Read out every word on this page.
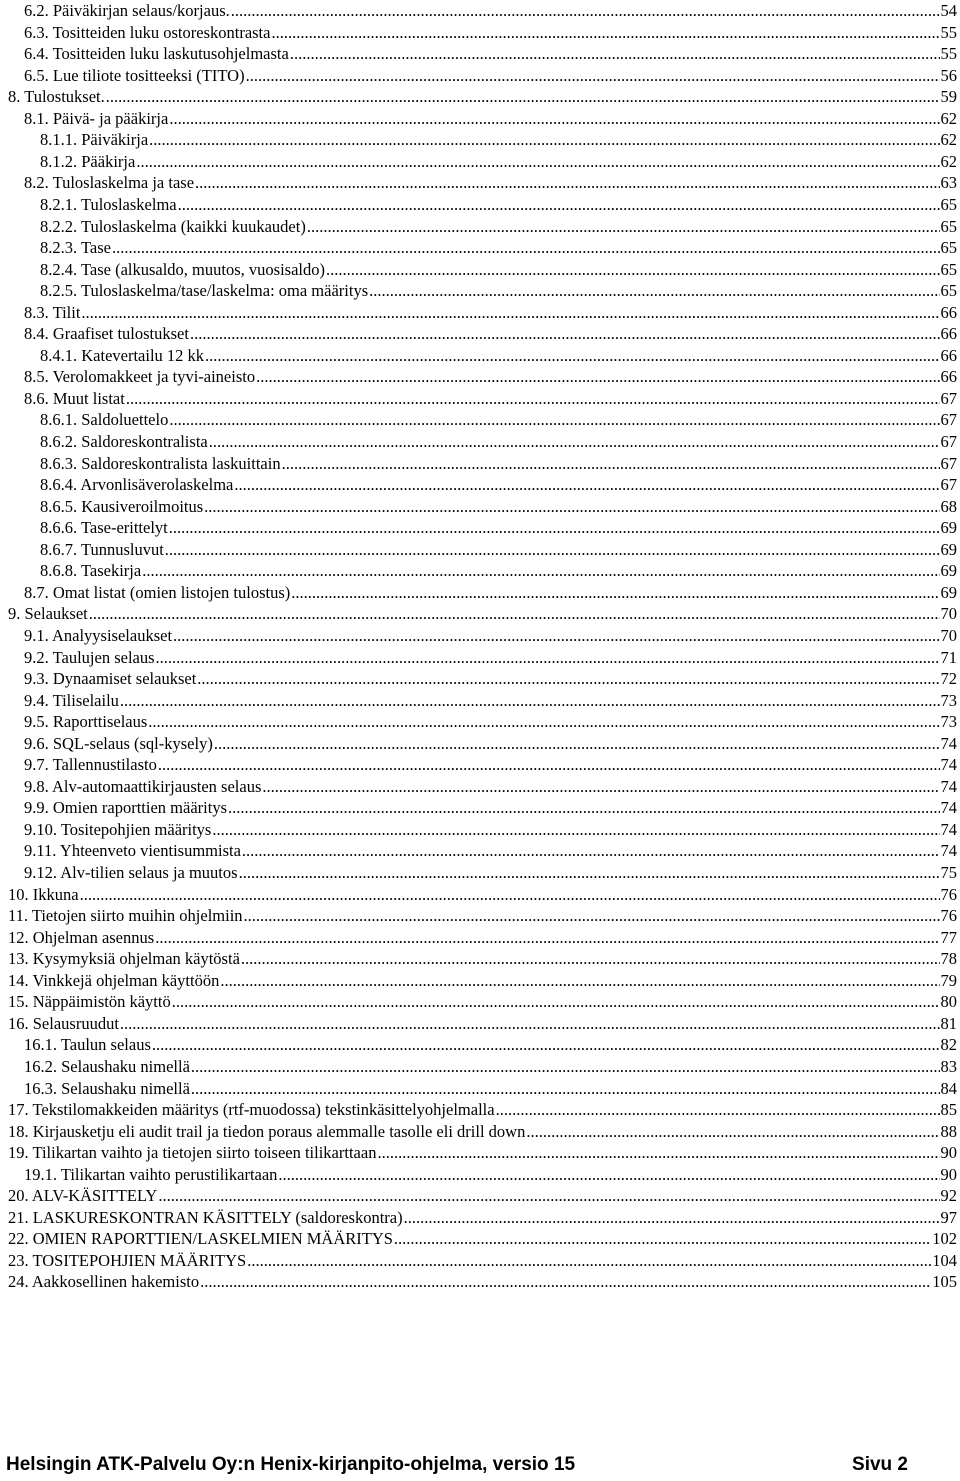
6.2. Päiväkirjan selaus/korjaus. .....	54
6.3. Tositteiden luku ostoreskontrasta .....	55
6.4. Tositteiden luku laskutusohjelmasta .....	55
6.5. Lue tiliote tositteeksi (TITO) .....	56
8. Tulostukset. .....	59
8.1. Päivä- ja pääkirja .....	62
8.1.1. Päiväkirja .....	62
8.1.2. Pääkirja .....	62
8.2. Tuloslaskelma ja tase .....	63
8.2.1. Tuloslaskelma .....	65
8.2.2. Tuloslaskelma (kaikki kuukaudet) .....	65
8.2.3. Tase .....	65
8.2.4. Tase (alkusaldo, muutos, vuosisaldo) .....	65
8.2.5. Tuloslaskelma/tase/laskelma: oma määritys .....	65
8.3. Tilit .....	66
8.4. Graafiset tulostukset .....	66
8.4.1. Katevertailu 12 kk .....	66
8.5. Verolomakkeet ja tyvi-aineisto .....	66
8.6. Muut listat .....	67
8.6.1. Saldoluettelo .....	67
8.6.2. Saldoreskontralista .....	67
8.6.3. Saldoreskontralista laskuittain .....	67
8.6.4. Arvonlisäverolaskelma .....	67
8.6.5. Kausiveroilmoitus .....	68
8.6.6. Tase-erittelyt .....	69
8.6.7. Tunnusluvut .....	69
8.6.8. Tasekirja .....	69
8.7. Omat listat (omien listojen tulostus) .....	69
9. Selaukset .....	70
9.1. Analyysiselaukset .....	70
9.2. Taulujen selaus .....	71
9.3. Dynaamiset selaukset .....	72
9.4. Tiliselailu .....	73
9.5. Raporttiselaus .....	73
9.6. SQL-selaus (sql-kysely) .....	74
9.7. Tallennustilasto .....	74
9.8. Alv-automaattikirjausten selaus .....	74
9.9. Omien raporttien määritys .....	74
9.10. Tositepohjien määritys .....	74
9.11. Yhteenveto vientisummista .....	74
9.12. Alv-tilien selaus ja muutos .....	75
10. Ikkuna .....	76
11. Tietojen siirto muihin ohjelmiin .....	76
12. Ohjelman asennus .....	77
13. Kysymyksiä ohjelman käytöstä .....	78
14. Vinkkejä ohjelman käyttöön .....	79
15. Näppäimistön käyttö .....	80
16. Selausruudut .....	81
16.1. Taulun selaus .....	82
16.2. Selaushaku nimellä .....	83
16.3. Selaushaku nimellä .....	84
17. Tekstilomakkeiden määritys (rtf-muodossa) tekstinkäsittelyohjelmalla .....	85
18. Kirjausketju eli audit trail ja tiedon poraus alemmalle tasolle eli drill down .....	88
19. Tilikartan vaihto ja tietojen siirto toiseen tilikarttaan .....	90
19.1. Tilikartan vaihto perustilikartaan .....	90
20. ALV-KÄSITTELY .....	92
21. LASKURESKONTRAN KÄSITTELY (saldoreskontra) .....	97
22. OMIEN RAPORTTIEN/LASKELMIEN MÄÄRITYS .....	102
23. TOSITEPOHJIEN MÄÄRITYS .....	104
24. Aakkosellinen hakemisto .....	105
Helsingin ATK-Palvelu Oy:n Henix-kirjanpito-ohjelma, versio 15	Sivu 2
